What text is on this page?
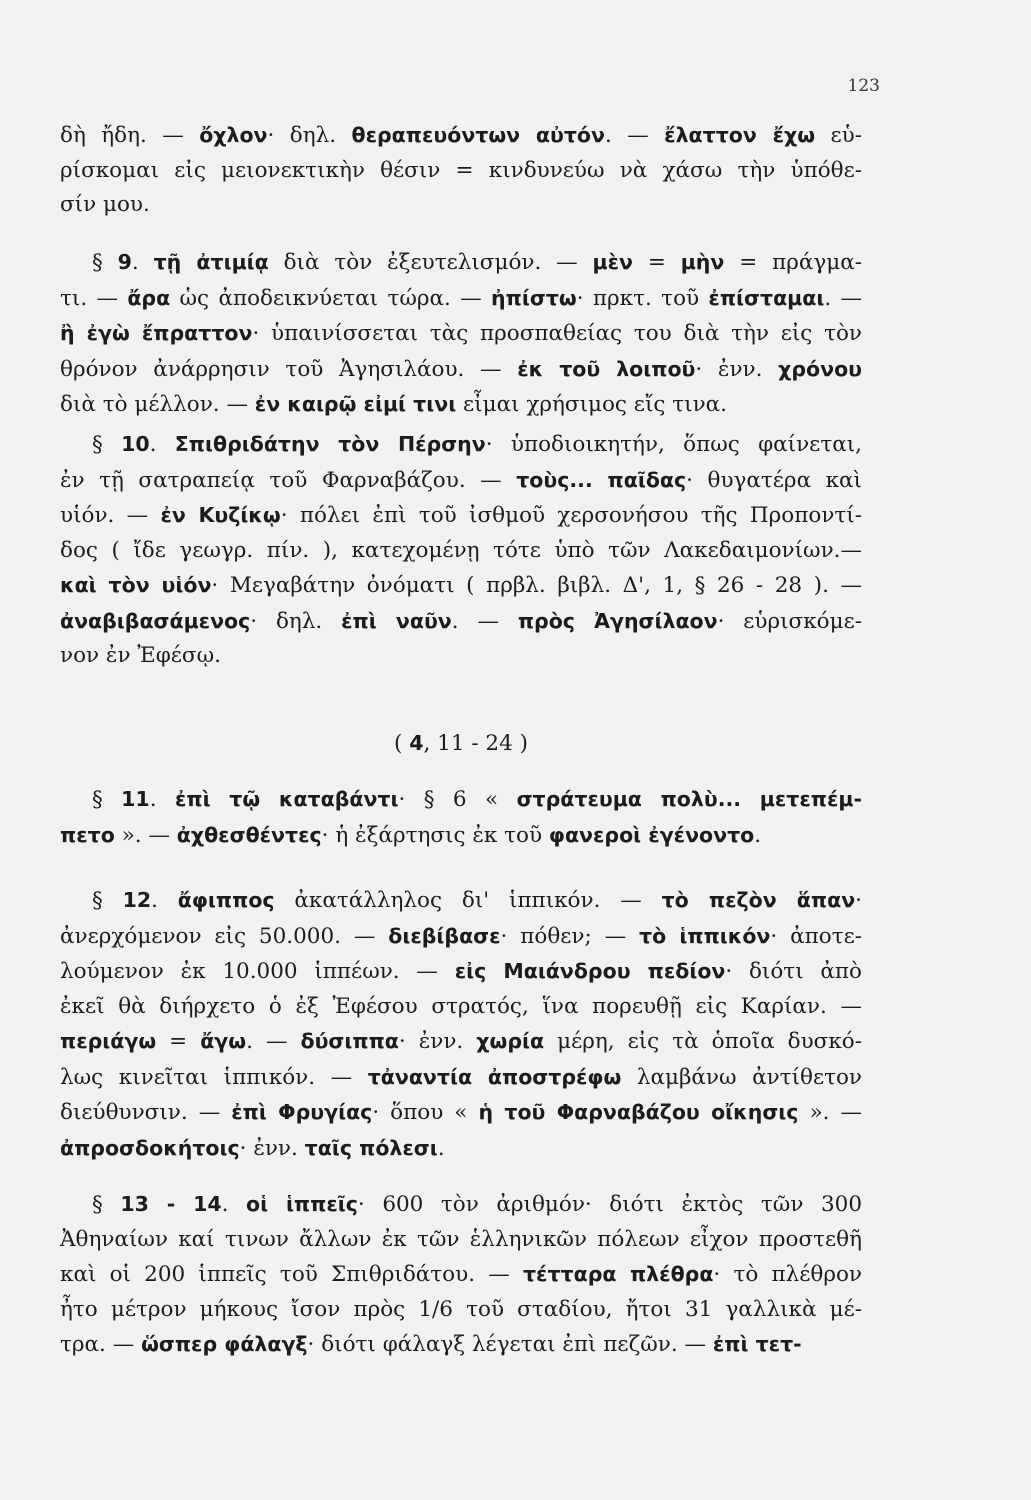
123
δὴ ἤδη. — ὄχλον· δηλ. θεραπευόντων αὐτόν. — ἔλαττον ἔχω εὑ-
ρίσκομαι εἰς μειονεκτικὴν θέσιν = κινδυνεύω νὰ χάσω τὴν ὑπόθε-
σίν μου.
§ 9. τῇ ἀτιμίᾳ διὰ τὸν ἐξευτελισμόν. — μὲν = μὴν = πράγμα-
τι. — ἄρα ὡς ἀποδεικνύεται τώρα. — ἠπίστω· πρκτ. τοῦ ἐπίσταμαι. —
ἢ ἐγὼ ἔπραττον· ὑπαινίσσεται τὰς προσπαθείας του διὰ τὴν εἰς τὸν
θρόνον ἀνάρρησιν τοῦ Ἀγησιλάου. — ἐκ τοῦ λοιποῦ· ἐνν. χρόνου
διὰ τὸ μέλλον. — ἐν καιρῷ εἰμί τινι εἶμαι χρήσιμος εἴς τινα.
§ 10. Σπιθριδάτην τὸν Πέρσην· ὑποδιοικητήν, ὅπως φαίνεται,
ἐν τῇ σατραπείᾳ τοῦ Φαρναβάζου. — τοὺς... παῖδας· θυγατέρα καὶ
υἱόν. — ἐν Κυζίκῳ· πόλει ἐπὶ τοῦ ἰσθμοῦ χερσονήσου τῆς Προποντί-
δος ( ἴδε γεωγρ. πίν. ), κατεχομένῃ τότε ὑπὸ τῶν Λακεδαιμονίων.—
καὶ τὸν υἱόν· Μεγαβάτην ὀνόματι ( πρβλ. βιβλ. Δ', 1, § 26 - 28 ). —
ἀναβιβασάμενος· δηλ. ἐπὶ ναῦν. — πρὸς Ἀγησίλαον· εὑρισκόμε-
νον ἐν Ἐφέσῳ.
( 4, 11 - 24 )
§ 11. ἐπὶ τῷ καταβάντι· § 6 « στράτευμα πολὺ... μετεπέμ-
πετο ». — ἀχθεσθέντες· ἡ ἐξάρτησις ἐκ τοῦ φανεροὶ ἐγένοντο.
§ 12. ἄφιππος ἀκατάλληλος δι' ἱππικόν. — τὸ πεζὸν ἅπαν·
ἀνερχόμενον εἰς 50.000. — διεβίβασε· πόθεν; — τὸ ἱππικόν· ἀποτε-
λούμενον ἐκ 10.000 ἱππέων. — εἰς Μαιάνδρου πεδίον· διότι ἀπὸ
ἐκεῖ θὰ διήρχετο ὁ ἐξ Ἐφέσου στρατός, ἵνα πορευθῇ εἰς Καρίαν. —
περιάγω = ἄγω. — δύσιππα· ἐνν. χωρία μέρη, εἰς τὰ ὁποῖα δυσκό-
λως κινεῖται ἱππικόν. — τἀναντία ἀποστρέφω λαμβάνω ἀντίθετον
διεύθυνσιν. — ἐπὶ Φρυγίας· ὅπου « ἡ τοῦ Φαρναβάζου οἴκησις ». —
ἀπροσδοκήτοις· ἐνν. ταῖς πόλεσι.
§ 13 - 14. οἱ ἱππεῖς· 600 τὸν ἀριθμόν· διότι ἐκτὸς τῶν 300
Ἀθηναίων καί τινων ἄλλων ἐκ τῶν ἑλληνικῶν πόλεων εἶχον προστεθῆ
καὶ οἱ 200 ἱππεῖς τοῦ Σπιθριδάτου. — τέτταρα πλέθρα· τὸ πλέθρον
ἦτο μέτρον μήκους ἴσον πρὸς 1/6 τοῦ σταδίου, ἤτοι 31 γαλλικὰ μέ-
τρα. — ὥσπερ φάλαγξ· διότι φάλαγξ λέγεται ἐπὶ πεζῶν. — ἐπὶ τετ-
